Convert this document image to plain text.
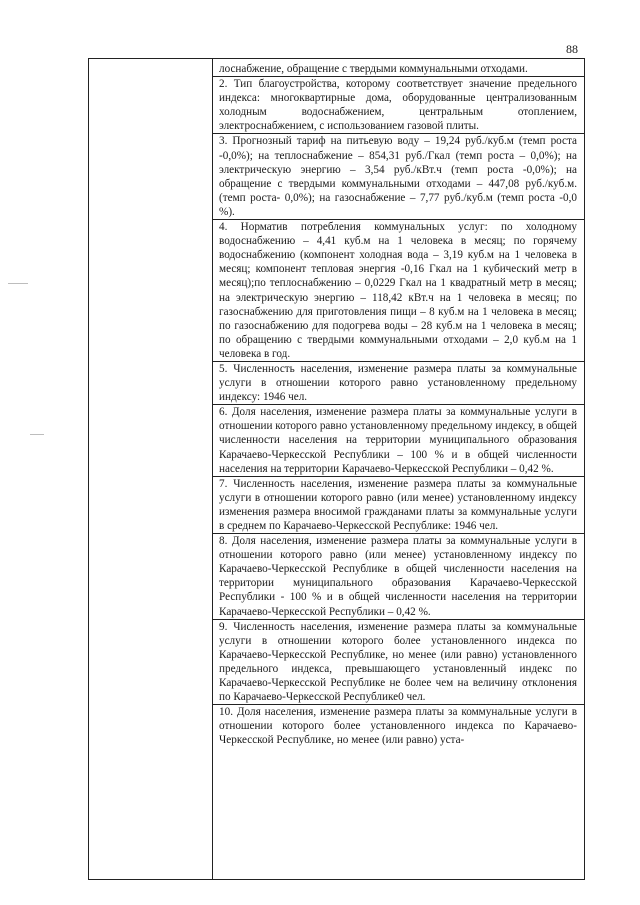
88

лоснабжение, обращение с твердыми коммунальными отходами.

2. Тип благоустройства, которому соответствует значение предельного индекса: многоквартирные дома, оборудованные централизованным холодным водоснабжением, центральным отоплением, электроснабжением, с использованием газовой плиты.

3. Прогнозный тариф на питьевую воду – 19,24 руб./куб.м (темп роста -0,0%); на теплоснабжение – 854,31 руб./Гкал (темп роста – 0,0%); на электрическую энергию – 3,54 руб./кВт.ч (темп роста -0,0%); на обращение с твердыми коммунальными отходами – 447,08 руб./куб.м. (темп роста- 0,0%); на газоснабжение – 7,77 руб./куб.м (темп роста -0,0 %).

4. Норматив потребления коммунальных услуг: по холодному водоснабжению – 4,41 куб.м на 1 человека в месяц; по горячему водоснабжению (компонент холодная вода – 3,19 куб.м на 1 человека в месяц; компонент тепловая энергия -0,16 Гкал на 1 кубический метр в месяц);по теплоснабжению – 0,0229 Гкал на 1 квадратный метр в месяц; на электрическую энергию – 118,42 кВт.ч на 1 человека в месяц; по газоснабжению для приготовления пищи – 8 куб.м на 1 человека в месяц; по газоснабжению для подогрева воды – 28 куб.м на 1 человека в месяц; по обращению с твердыми коммунальными отходами – 2,0 куб.м на 1 человека в год.

5. Численность населения, изменение размера платы за коммунальные услуги в отношении которого равно установленному предельному индексу: 1946 чел.

6. Доля населения, изменение размера платы за коммунальные услуги в отношении которого равно установленному предельному индексу, в общей численности населения на территории муниципального образования Карачаево-Черкесской Республики – 100 % и в общей численности населения на территории Карачаево-Черкесской Республики – 0,42 %.

7. Численность населения, изменение размера платы за коммунальные услуги в отношении которого равно (или менее) установленному индексу изменения размера вносимой гражданами платы за коммунальные услуги в среднем по Карачаево-Черкесской Республике: 1946 чел.

8. Доля населения, изменение размера платы за коммунальные услуги в отношении которого равно (или менее) установленному индексу по Карачаево-Черкесской Республике в общей численности населения на территории муниципального образования Карачаево-Черкесской Республики - 100 % и в общей численности населения на территории Карачаево-Черкесской Республики – 0,42 %.

9. Численность населения, изменение размера платы за коммунальные услуги в отношении которого более установленного индекса по Карачаево-Черкесской Республике, но менее (или равно) установленного предельного индекса, превышающего установленный индекс по Карачаево-Черкесской Республике не более чем на величину отклонения по Карачаево-Черкесской Республике0 чел.

10. Доля населения, изменение размера платы за коммунальные услуги в отношении которого более установленного индекса по Карачаево-Черкесской Республике, но менее (или равно) уста-
